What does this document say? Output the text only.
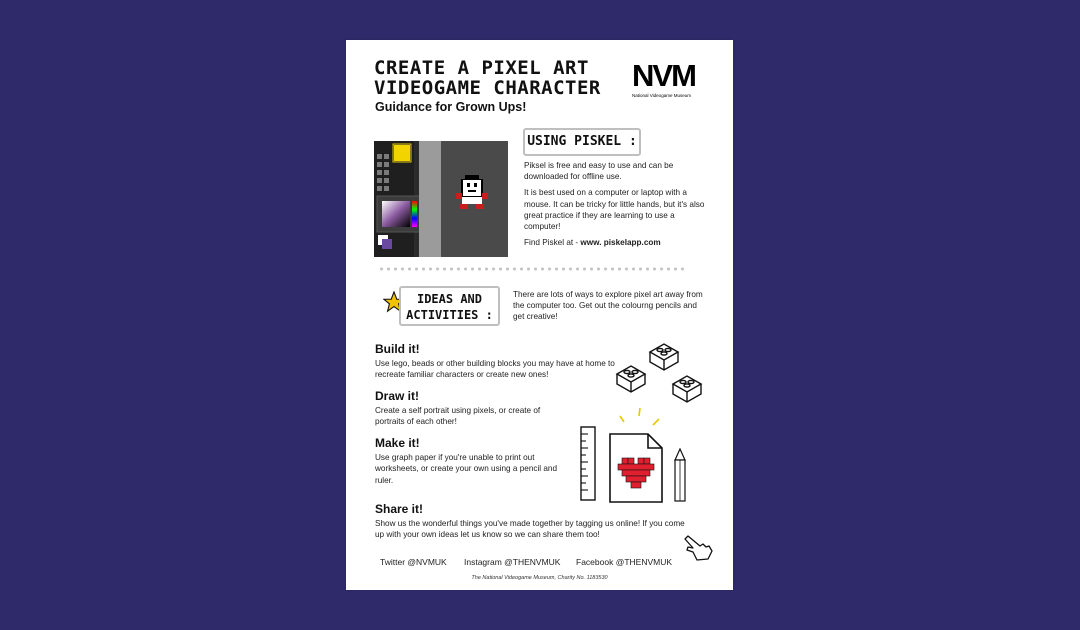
CREATE A PIXEL ART
VIDEOGAME CHARACTER
Guidance for Grown Ups!
NVM
National Videogame Museum
USING PISKEL :

Piksel is free and easy to use and can be downloaded for offline use.

It is best used on a computer or laptop with a mouse. It can be tricky for little hands, but it's also great practice if they are learning to use a computer!

Find Piskel at - www. piskelapp.com

IDEAS AND
ACTIVITIES :
There are lots of ways to explore pixel art away from the computer too. Get out the colourng pencils and get creative!
Build it!
Use lego, beads or other building blocks you may have at home to recreate familiar characters or create new ones!
Draw it!
Create a self portrait using pixels, or create of portraits of each other!
Make it!
Use graph paper if you're unable to print out worksheets, or create your own using a pencil and ruler.
Share it!
Show us the wonderful things you've made together by tagging us online! If you come up with your own ideas let us know so we can share them too!
Twitter @NVMUK Instagram @THENVMUK Facebook @THENVMUK
The National Videogame Museum, Charity No. 1183530
